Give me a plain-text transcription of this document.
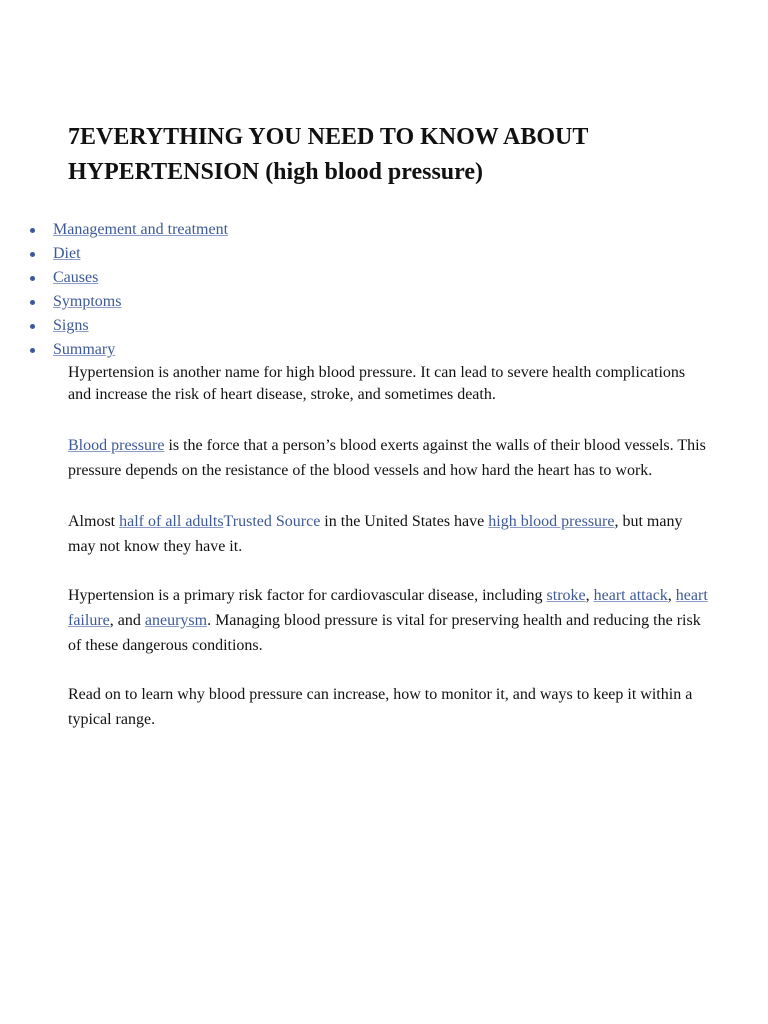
7EVERYTHING YOU NEED TO KNOW ABOUT
HYPERTENSION (high blood pressure)
Management and treatment
Diet
Causes
Symptoms
Signs
Summary

Hypertension is another name for high blood pressure. It can lead to severe health complications and increase the risk of heart disease, stroke, and sometimes death.

Blood pressure is the force that a person’s blood exerts against the walls of their blood vessels. This pressure depends on the resistance of the blood vessels and how hard the heart has to work.

Almost half of all adultsTrusted Source in the United States have high blood pressure, but many may not know they have it.

Hypertension is a primary risk factor for cardiovascular disease, including stroke, heart attack, heart failure, and aneurysm. Managing blood pressure is vital for preserving health and reducing the risk of these dangerous conditions.

Read on to learn why blood pressure can increase, how to monitor it, and ways to keep it within a typical range.
